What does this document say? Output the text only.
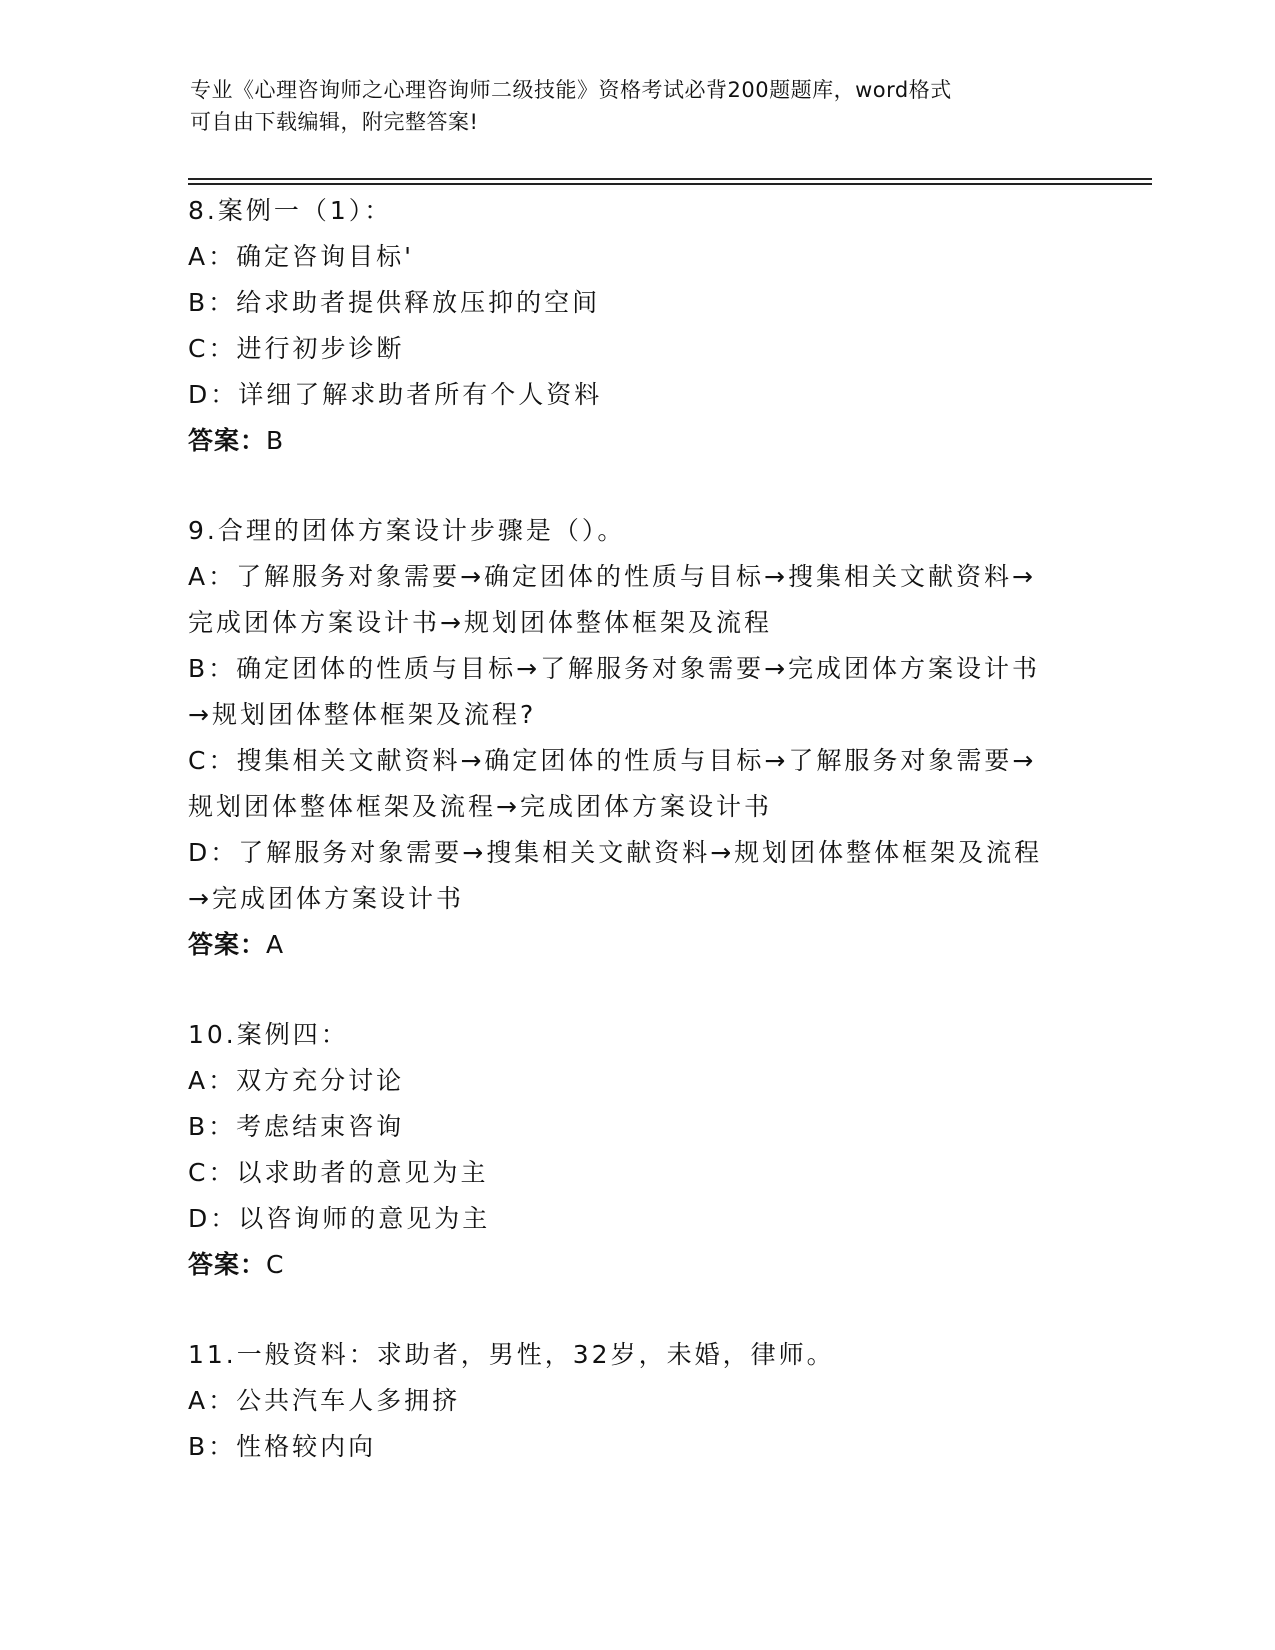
专业《心理咨询师之心理咨询师二级技能》资格考试必背200题题库，word格式
可自由下载编辑，附完整答案!
8.案例一（1）：
A：确定咨询目标'
B：给求助者提供释放压抑的空间
C：进行初步诊断
D：详细了解求助者所有个人资料
答案：B
9.合理的团体方案设计步骤是（）。
A：了解服务对象需要→确定团体的性质与目标→搜集相关文献资料→
完成团体方案设计书→规划团体整体框架及流程
B：确定团体的性质与目标→了解服务对象需要→完成团体方案设计书
→规划团体整体框架及流程?
C：搜集相关文献资料→确定团体的性质与目标→了解服务对象需要→
规划团体整体框架及流程→完成团体方案设计书
D：了解服务对象需要→搜集相关文献资料→规划团体整体框架及流程
→完成团体方案设计书
答案：A
10.案例四：
A：双方充分讨论
B：考虑结束咨询
C：以求助者的意见为主
D：以咨询师的意见为主
答案：C
11.一般资料：求助者，男性，32岁，未婚，律师。
A：公共汽车人多拥挤
B：性格较内向
